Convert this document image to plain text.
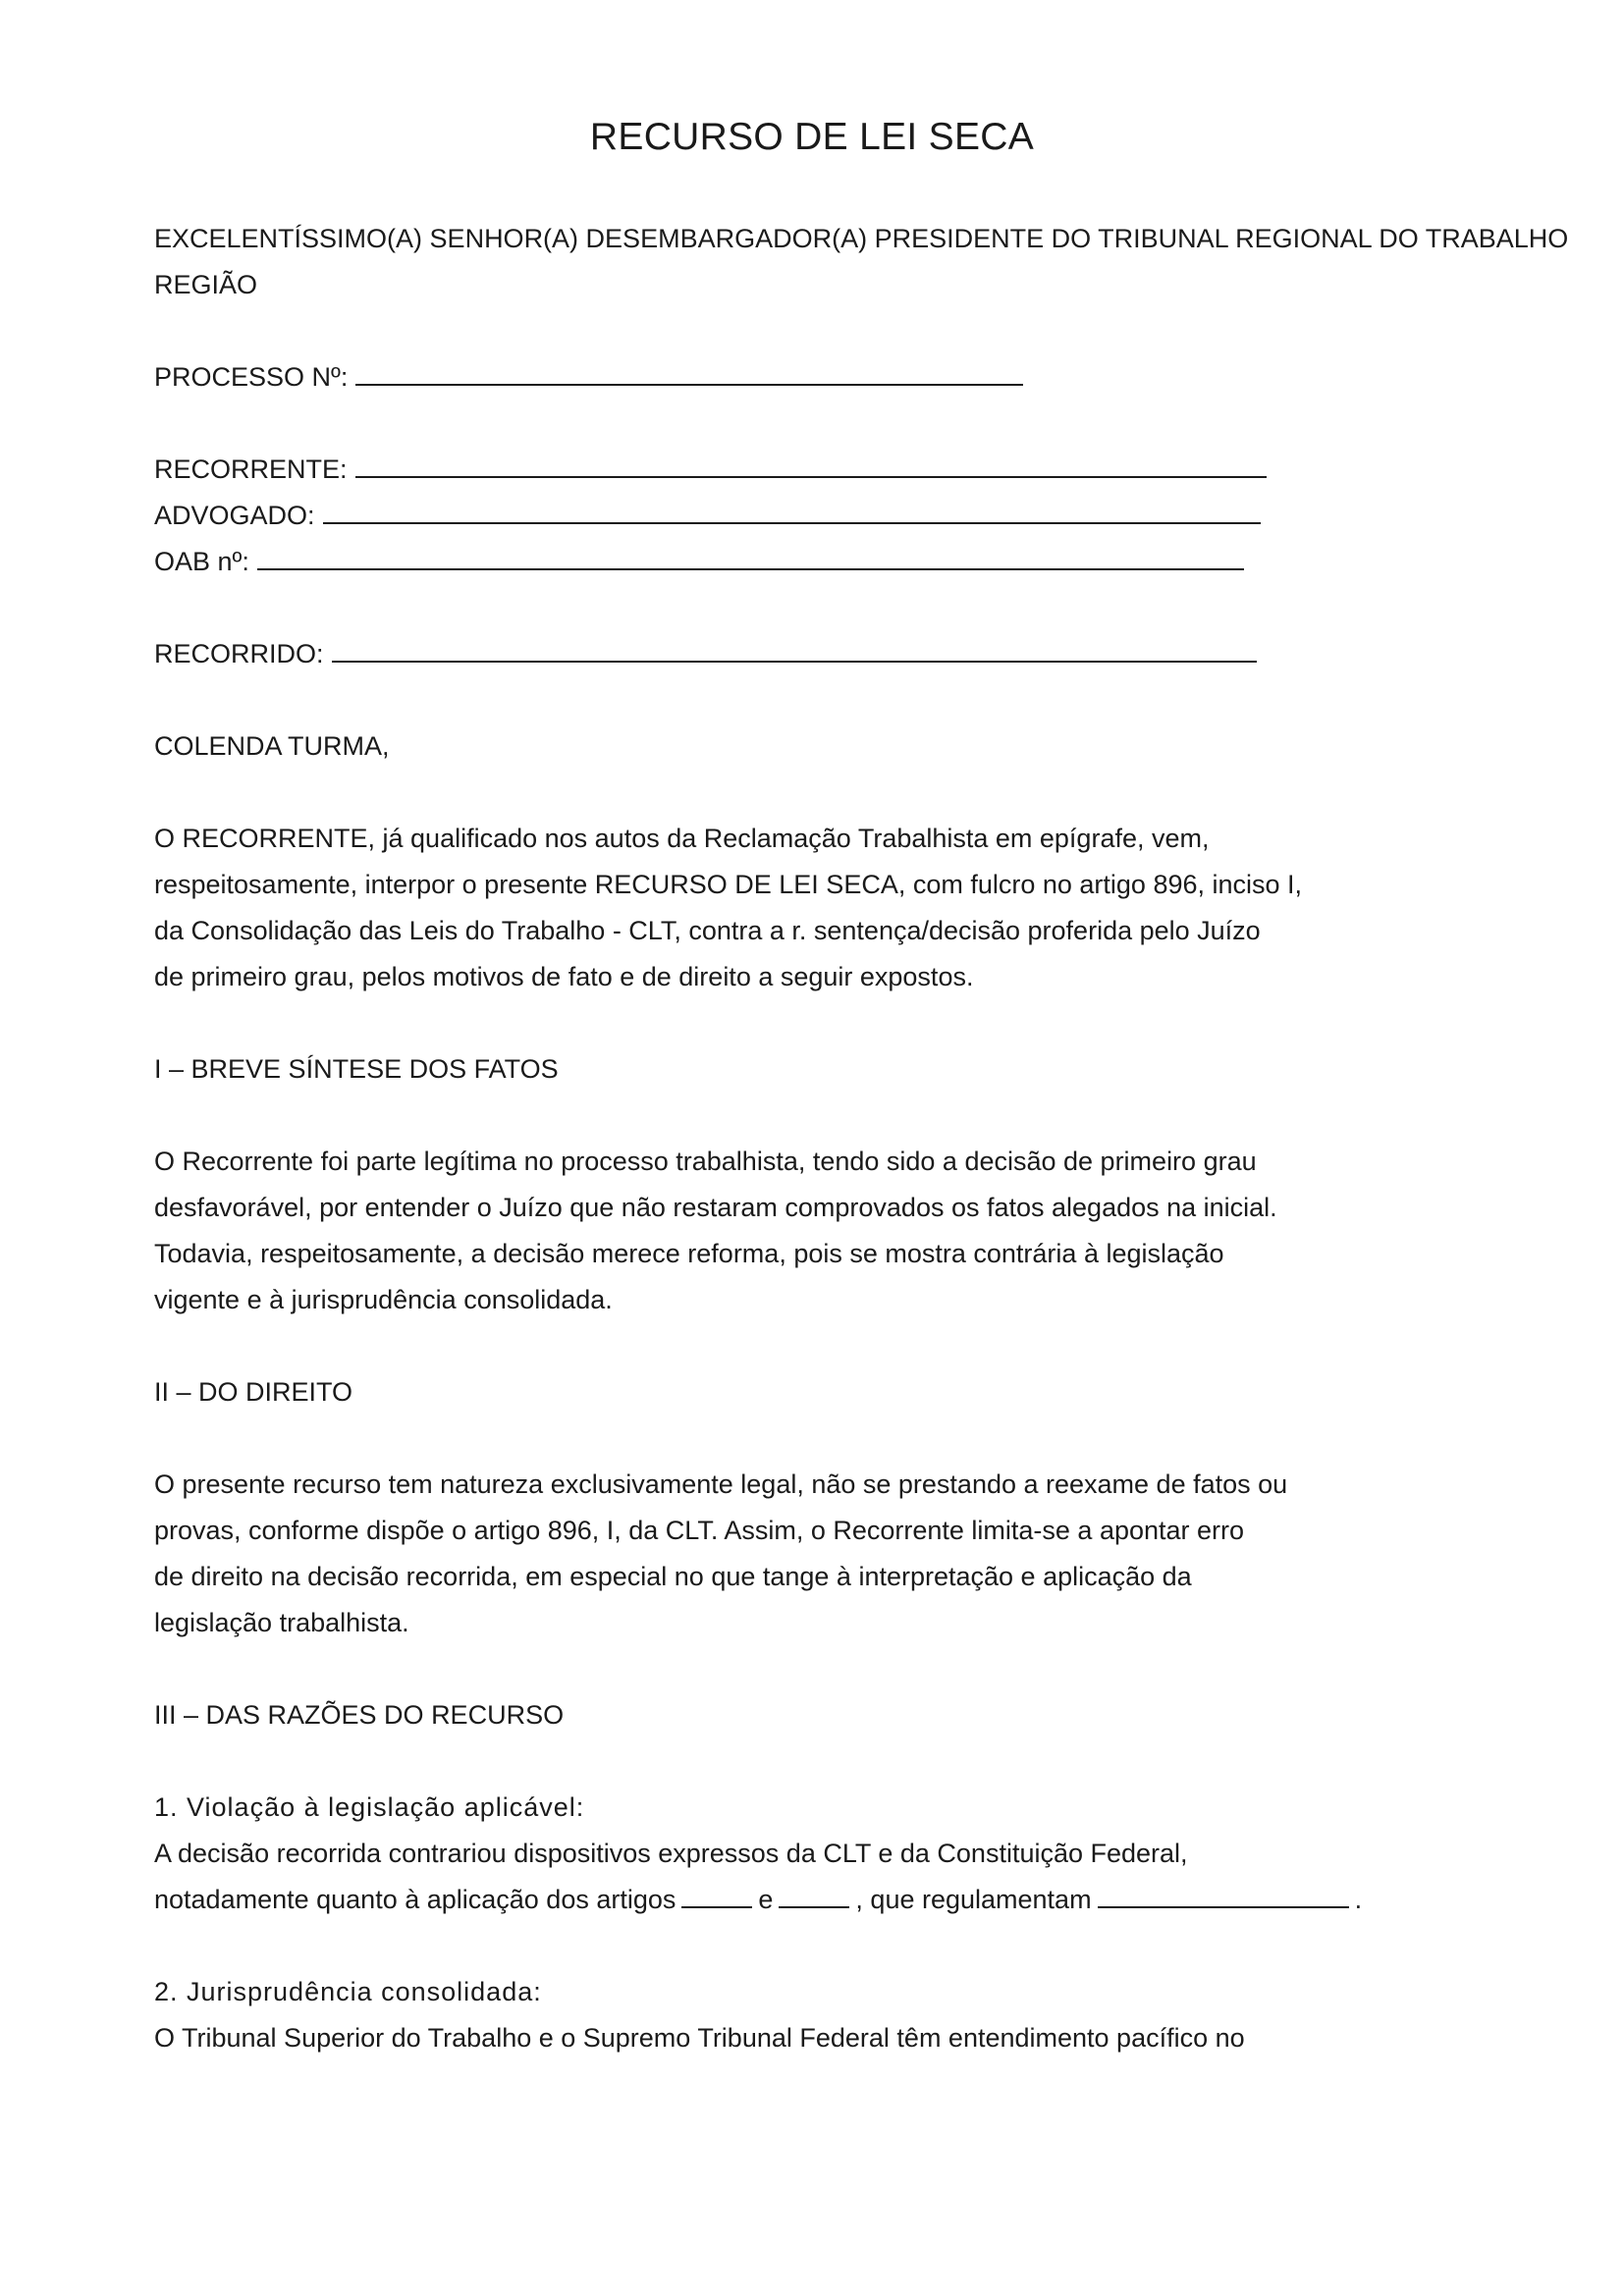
RECURSO DE LEI SECA
EXCELENTÍSSIMO(A) SENHOR(A) DESEMBARGADOR(A) PRESIDENTE DO TRIBUNAL REGIONAL DO TRABALHO
REGIÃO
PROCESSO Nº:
RECORRENTE:
ADVOGADO:
OAB nº:
RECORRIDO:
COLENDA TURMA,
O RECORRENTE, já qualificado nos autos da Reclamação Trabalhista em epígrafe, vem,
respeitosamente, interpor o presente RECURSO DE LEI SECA, com fulcro no artigo 896, inciso I,
da Consolidação das Leis do Trabalho - CLT, contra a r. sentença/decisão proferida pelo Juízo
de primeiro grau, pelos motivos de fato e de direito a seguir expostos.
I – BREVE SÍNTESE DOS FATOS
O Recorrente foi parte legítima no processo trabalhista, tendo sido a decisão de primeiro grau
desfavorável, por entender o Juízo que não restaram comprovados os fatos alegados na inicial.
Todavia, respeitosamente, a decisão merece reforma, pois se mostra contrária à legislação
vigente e à jurisprudência consolidada.
II – DO DIREITO
O presente recurso tem natureza exclusivamente legal, não se prestando a reexame de fatos ou
provas, conforme dispõe o artigo 896, I, da CLT. Assim, o Recorrente limita-se a apontar erro
de direito na decisão recorrida, em especial no que tange à interpretação e aplicação da
legislação trabalhista.
III – DAS RAZÕES DO RECURSO
1. Violação à legislação aplicável:
A decisão recorrida contrariou dispositivos expressos da CLT e da Constituição Federal,
notadamente quanto à aplicação dos artigos	e	, que regulamentam	.
2. Jurisprudência consolidada:
O Tribunal Superior do Trabalho e o Supremo Tribunal Federal têm entendimento pacífico no
